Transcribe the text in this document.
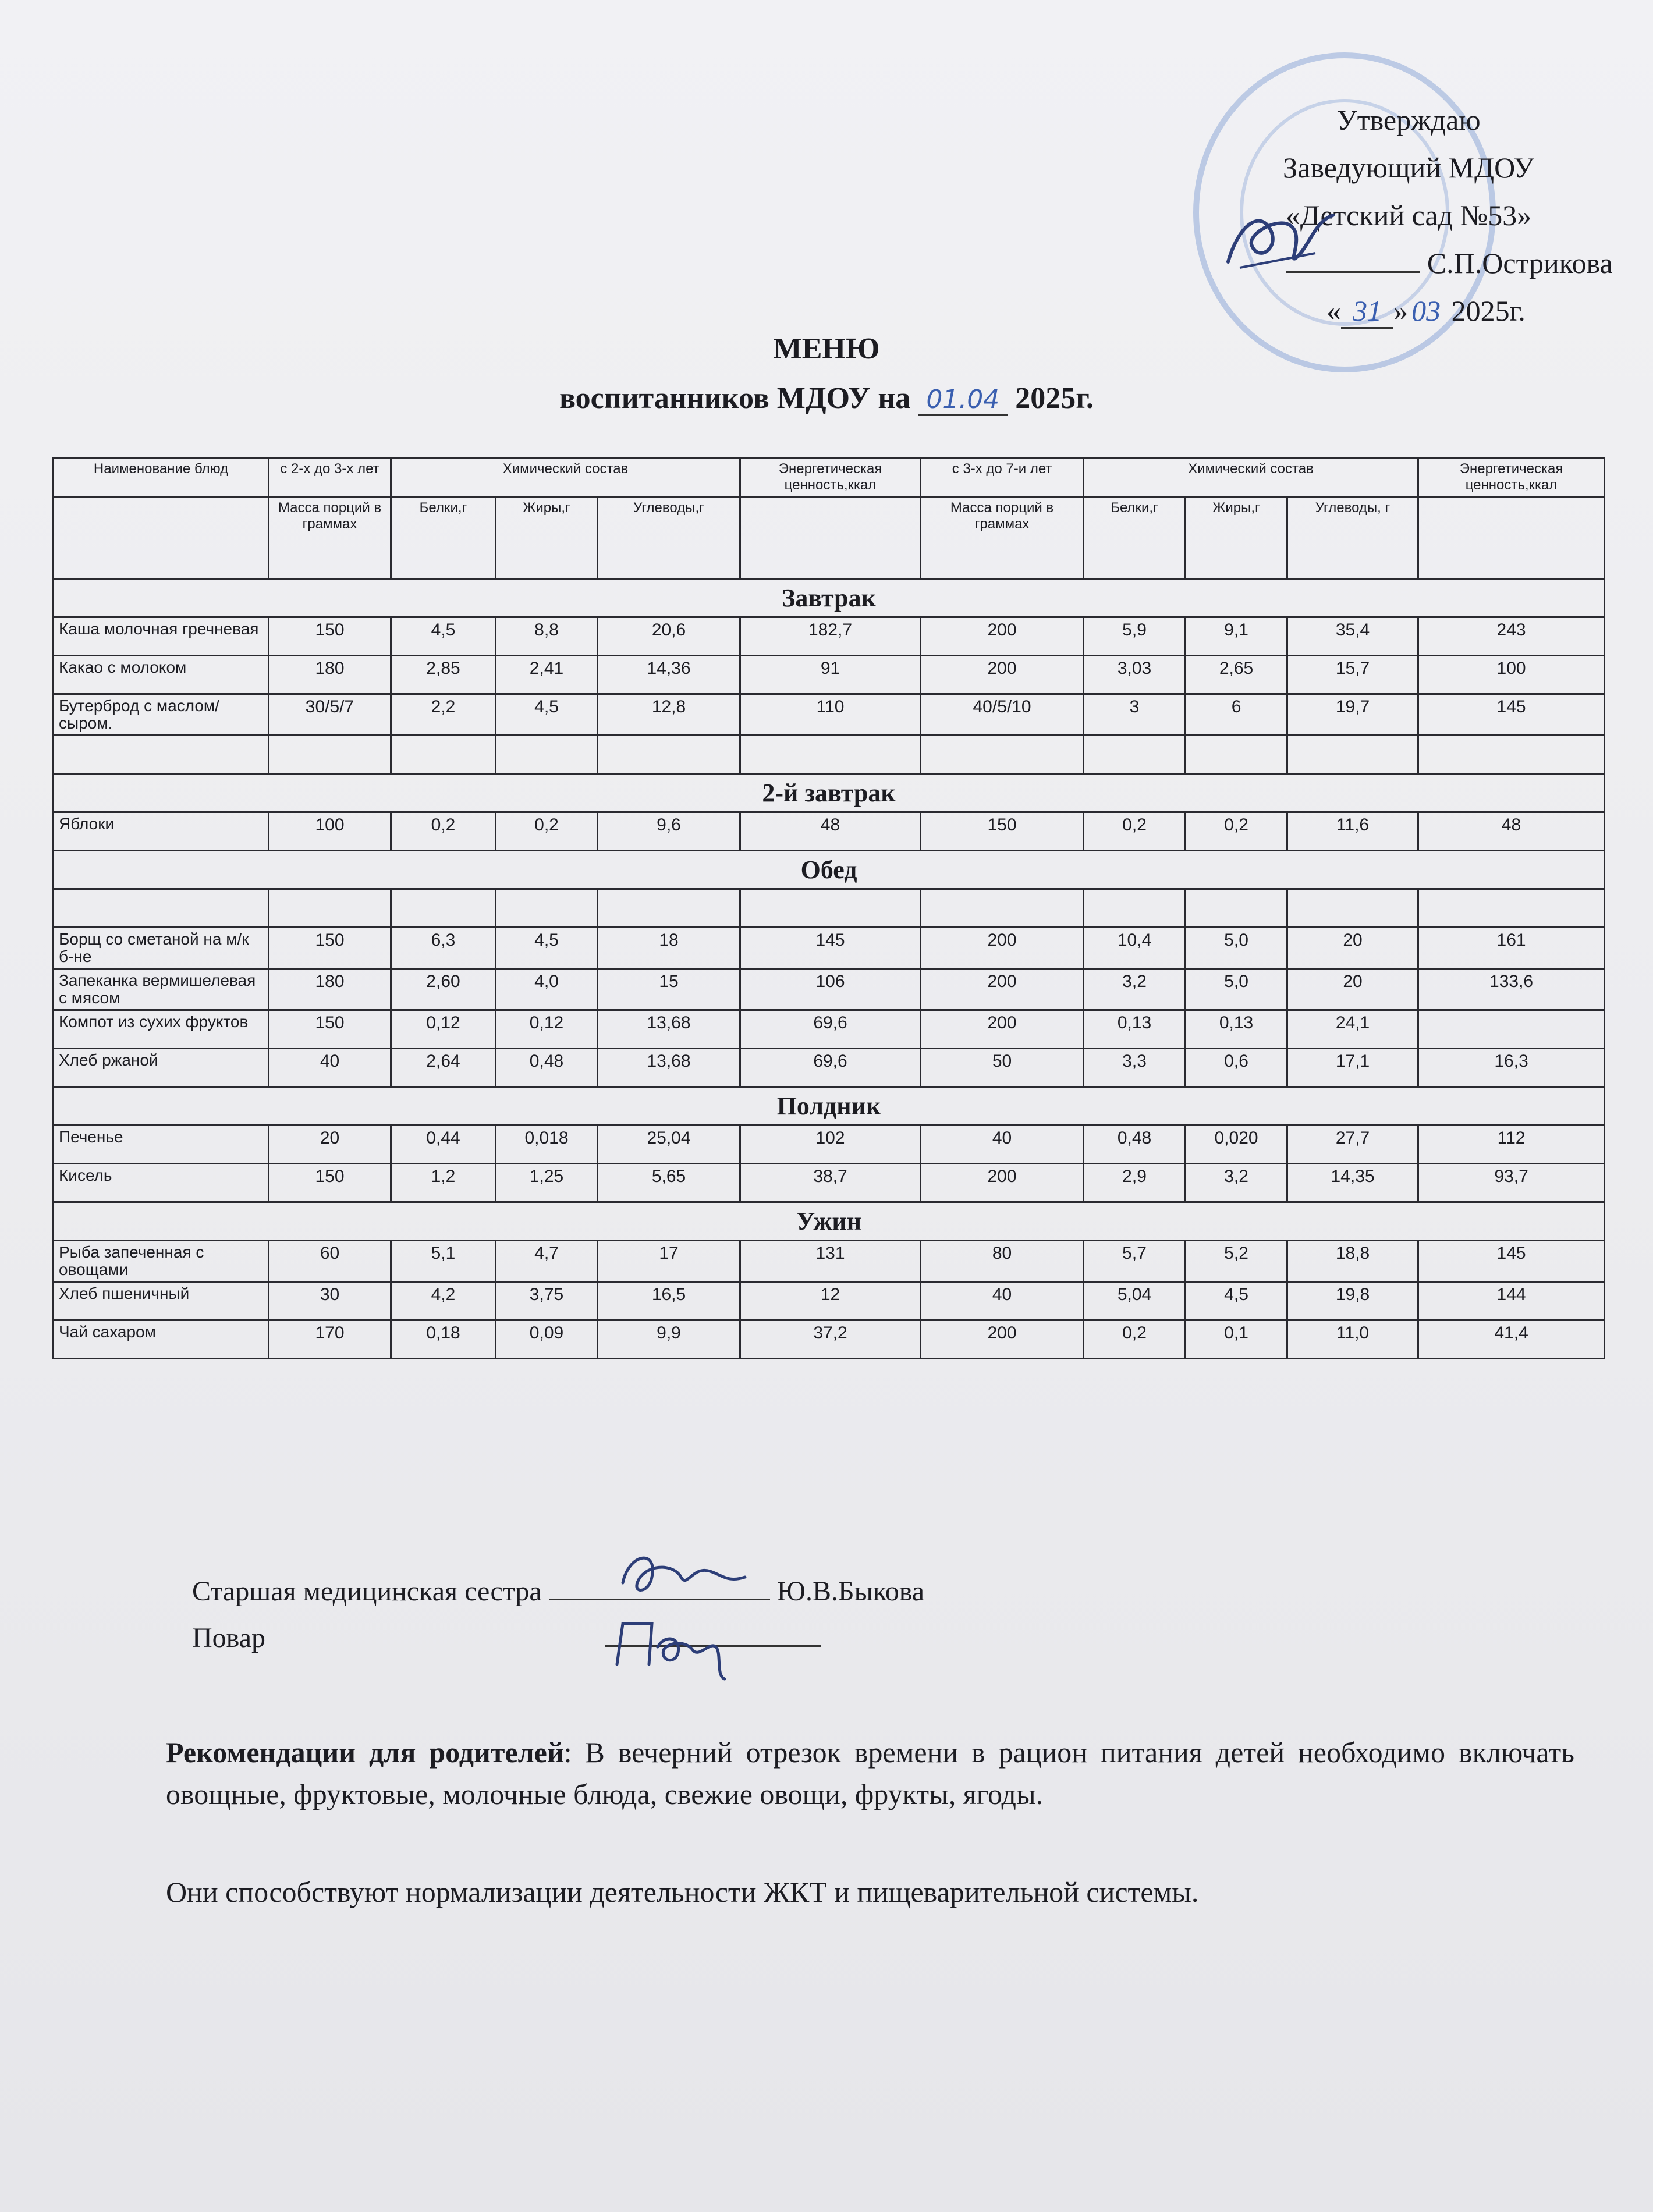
Утверждаю
Заведующий МДОУ
«Детский сад №53»
С.П.Острикова
« 31 » 03 2025г.
МЕНЮ
воспитанников МДОУ на 01.04 2025г.
Наименование блюд	с 2-х до 3-х лет	Химический состав			Энергетическая ценность,ккал	с 3-х до 7-и лет	Химический состав			Энергетическая ценность,ккал
	Масса порций в граммах	Белки,г	Жиры,г	Углеводы,г		Масса порций в граммах	Белки,г	Жиры,г	Углеводы, г	
Завтрак										
Каша молочная гречневая	150	4,5	8,8	20,6	182,7	200	5,9	9,1	35,4	243
Какао с молоком	180	2,85	2,41	14,36	91	200	3,03	2,65	15,7	100
Бутерброд с маслом/сыром.	30/5/7	2,2	4,5	12,8	110	40/5/10	3	6	19,7	145

2-й завтрак										
Яблоки	100	0,2	0,2	9,6	48	150	0,2	0,2	11,6	48
Обед										

Борщ со сметаной на м/к б-не	150	6,3	4,5	18	145	200	10,4	5,0	20	161
Запеканка вермишелевая с мясом	180	2,60	4,0	15	106	200	3,2	5,0	20	133,6
Компот из сухих фруктов	150	0,12	0,12	13,68	69,6	200	0,13	0,13	24,1	
Хлеб ржаной	40	2,64	0,48	13,68	69,6	50	3,3	0,6	17,1	16,3
Полдник										
Печенье	20	0,44	0,018	25,04	102	40	0,48	0,020	27,7	112
Кисель	150	1,2	1,25	5,65	38,7	200	2,9	3,2	14,35	93,7
Ужин										
Рыба запеченная с овощами	60	5,1	4,7	17	131	80	5,7	5,2	18,8	145
Хлеб пшеничный	30	4,2	3,75	16,5	12	40	5,04	4,5	19,8	144
Чай сахаром	170	0,18	0,09	9,9	37,2	200	0,2	0,1	11,0	41,4
Старшая медицинская сестра	Ю.В.Быкова
Повар
Рекомендации для родителей: В вечерний отрезок времени в рацион питания детей необходимо включать овощные, фруктовые, молочные блюда, свежие овощи, фрукты, ягоды.
Они способствуют нормализации деятельности ЖКТ и пищеварительной системы.
